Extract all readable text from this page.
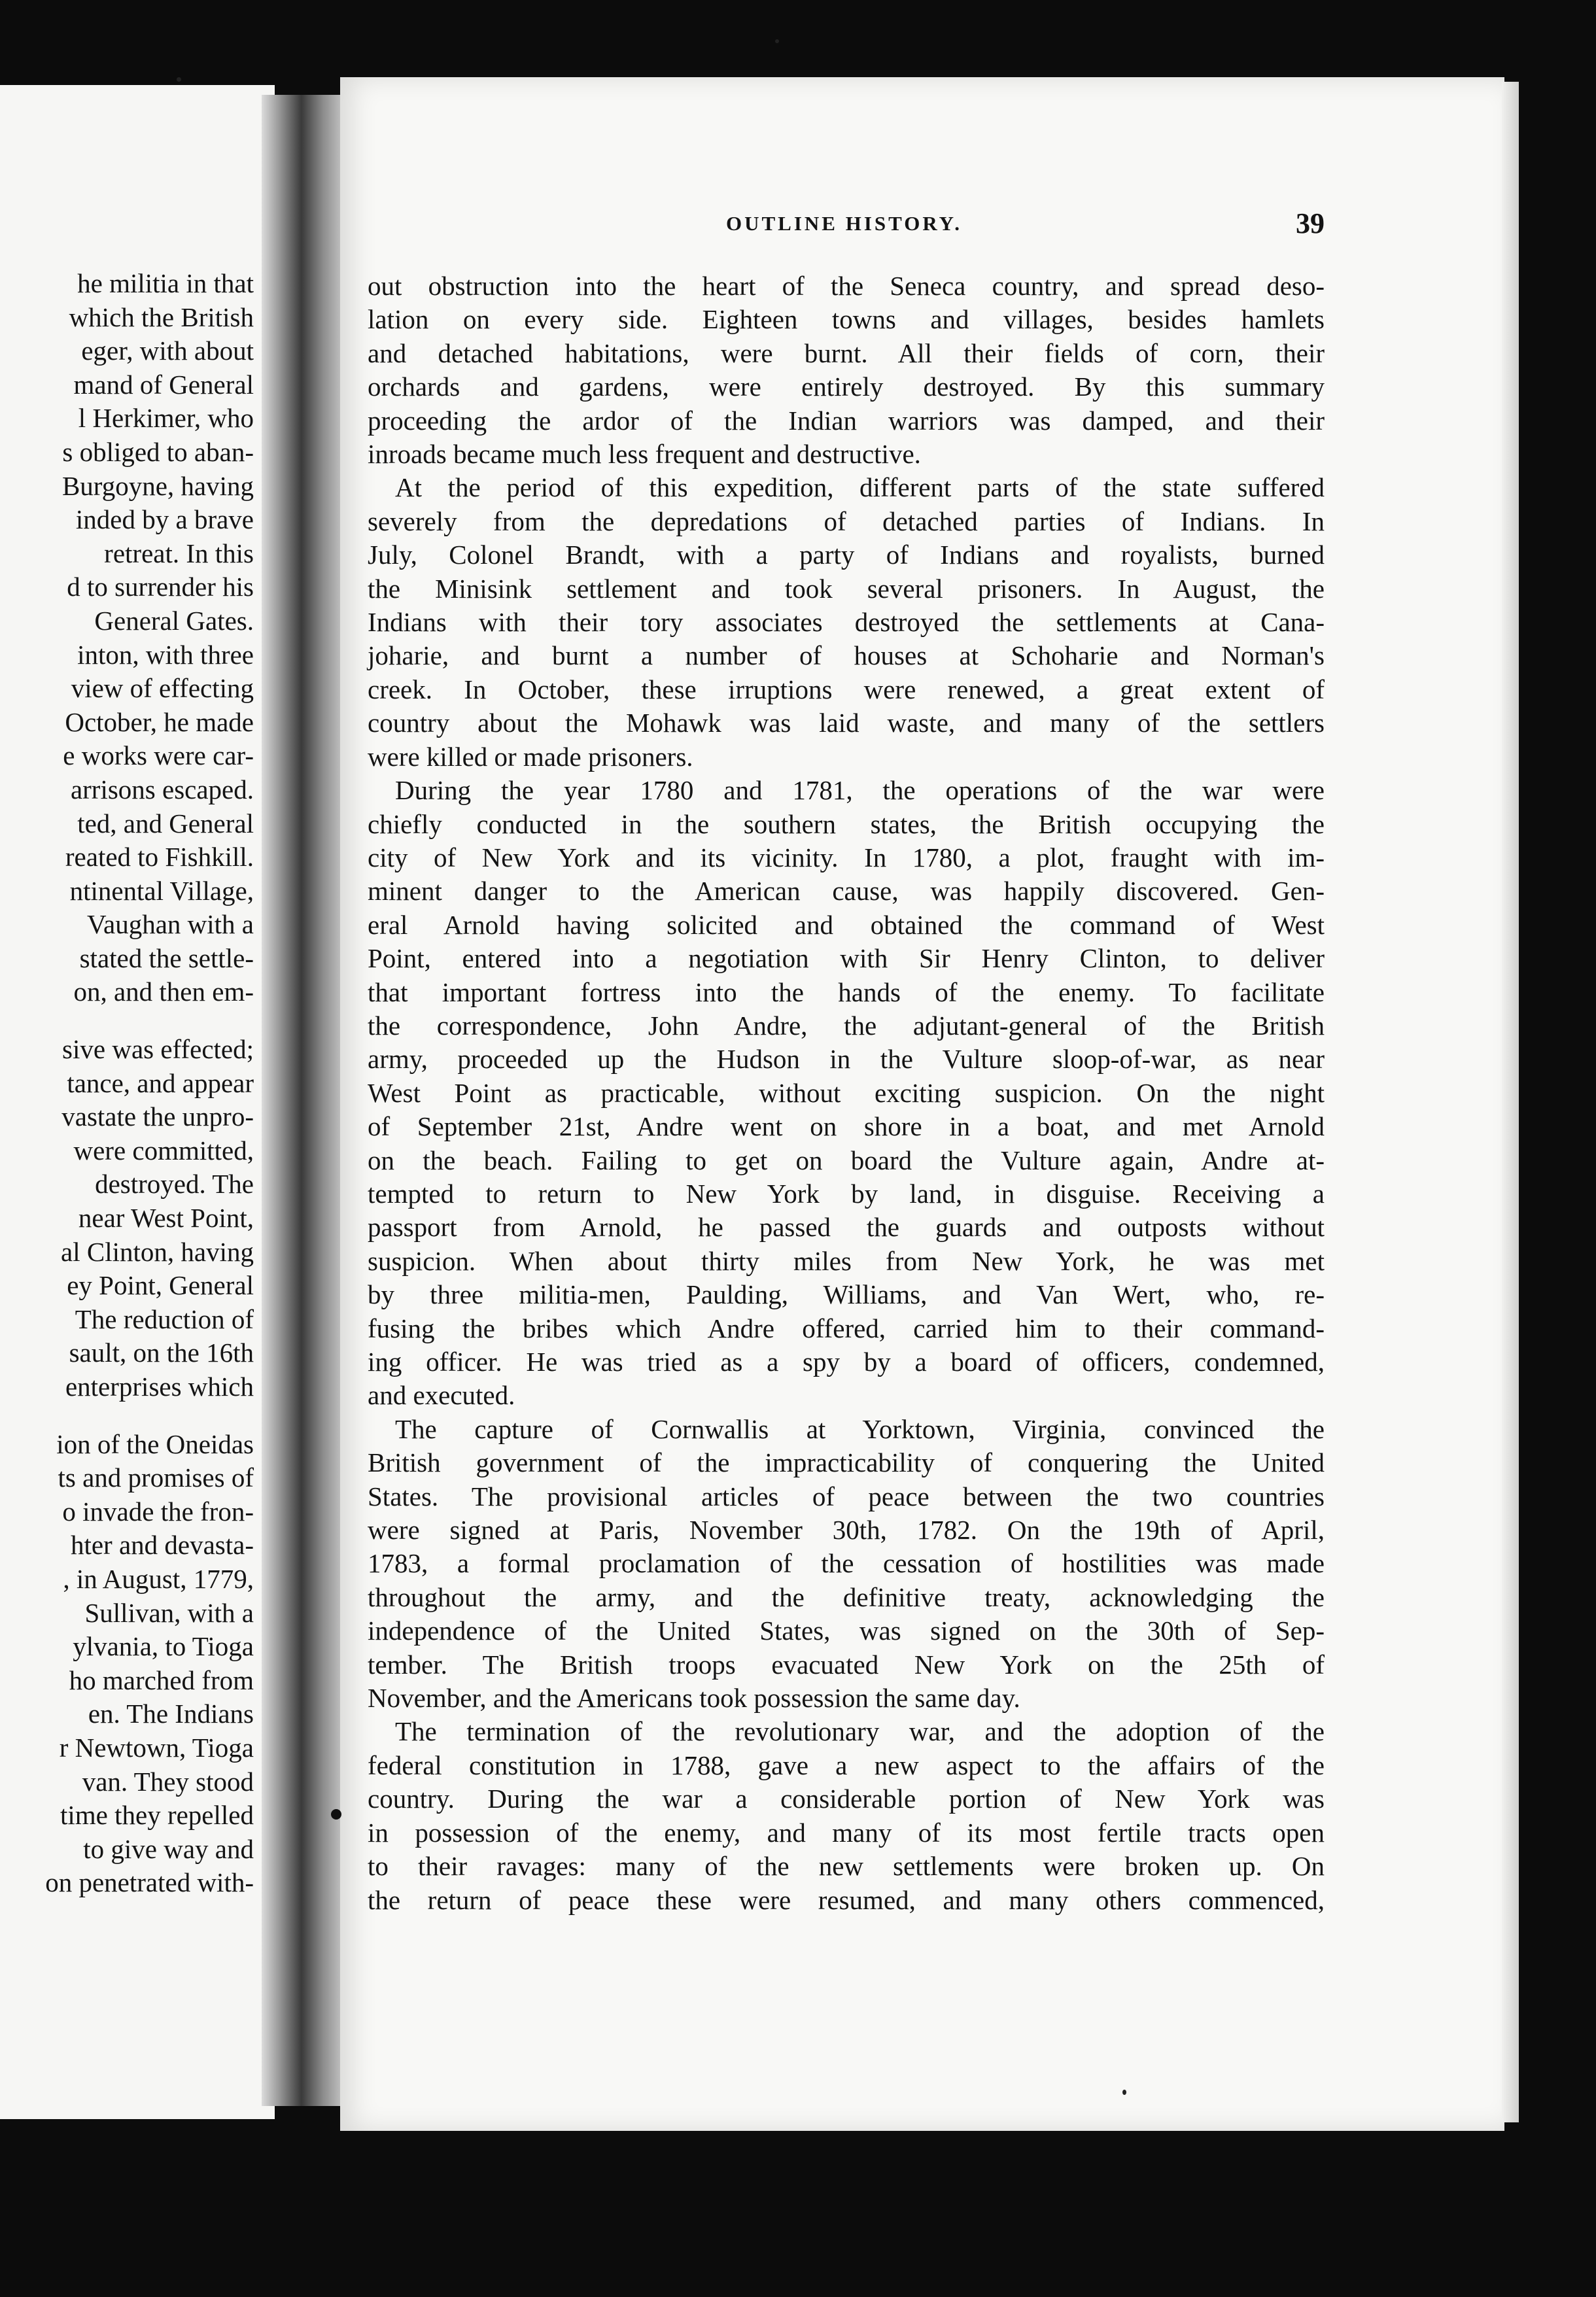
he militia in that
which the British
eger, with about
mand of General
l Herkimer, who
s obliged to aban-
Burgoyne, having
inded by a brave
retreat. In this
d to surrender his
General Gates.
inton, with three
view of effecting
October, he made
e works were car-
arrisons escaped.
ted, and General
reated to Fishkill.
ntinental Village,
Vaughan with a
stated the settle-
on, and then em-
sive was effected;
tance, and appear
vastate the unpro-
were committed,
destroyed. The
near West Point,
al Clinton, having
ey Point, General
The reduction of
sault, on the 16th
enterprises which
ion of the Oneidas
ts and promises of
o invade the fron-
hter and devasta-
, in August, 1779,
Sullivan, with a
ylvania, to Tioga
ho marched from
en. The Indians
r Newtown, Tioga
van. They stood
time they repelled
to give way and
on penetrated with-
OUTLINE HISTORY.	39
out obstruction into the heart of the Seneca country, and spread deso-
lation on every side. Eighteen towns and villages, besides hamlets
and detached habitations, were burnt. All their fields of corn, their
orchards and gardens, were entirely destroyed. By this summary
proceeding the ardor of the Indian warriors was damped, and their
inroads became much less frequent and destructive.
At the period of this expedition, different parts of the state suffered
severely from the depredations of detached parties of Indians. In
July, Colonel Brandt, with a party of Indians and royalists, burned
the Minisink settlement and took several prisoners. In August, the
Indians with their tory associates destroyed the settlements at Cana-
joharie, and burnt a number of houses at Schoharie and Norman's
creek. In October, these irruptions were renewed, a great extent of
country about the Mohawk was laid waste, and many of the settlers
were killed or made prisoners.
During the year 1780 and 1781, the operations of the war were
chiefly conducted in the southern states, the British occupying the
city of New York and its vicinity. In 1780, a plot, fraught with im-
minent danger to the American cause, was happily discovered. Gen-
eral Arnold having solicited and obtained the command of West
Point, entered into a negotiation with Sir Henry Clinton, to deliver
that important fortress into the hands of the enemy. To facilitate
the correspondence, John Andre, the adjutant-general of the British
army, proceeded up the Hudson in the Vulture sloop-of-war, as near
West Point as practicable, without exciting suspicion. On the night
of September 21st, Andre went on shore in a boat, and met Arnold
on the beach. Failing to get on board the Vulture again, Andre at-
tempted to return to New York by land, in disguise. Receiving a
passport from Arnold, he passed the guards and outposts without
suspicion. When about thirty miles from New York, he was met
by three militia-men, Paulding, Williams, and Van Wert, who, re-
fusing the bribes which Andre offered, carried him to their command-
ing officer. He was tried as a spy by a board of officers, condemned,
and executed.
The capture of Cornwallis at Yorktown, Virginia, convinced the
British government of the impracticability of conquering the United
States. The provisional articles of peace between the two countries
were signed at Paris, November 30th, 1782. On the 19th of April,
1783, a formal proclamation of the cessation of hostilities was made
throughout the army, and the definitive treaty, acknowledging the
independence of the United States, was signed on the 30th of Sep-
tember. The British troops evacuated New York on the 25th of
November, and the Americans took possession the same day.
The termination of the revolutionary war, and the adoption of the
federal constitution in 1788, gave a new aspect to the affairs of the
country. During the war a considerable portion of New York was
in possession of the enemy, and many of its most fertile tracts open
to their ravages: many of the new settlements were broken up. On
the return of peace these were resumed, and many others commenced,
